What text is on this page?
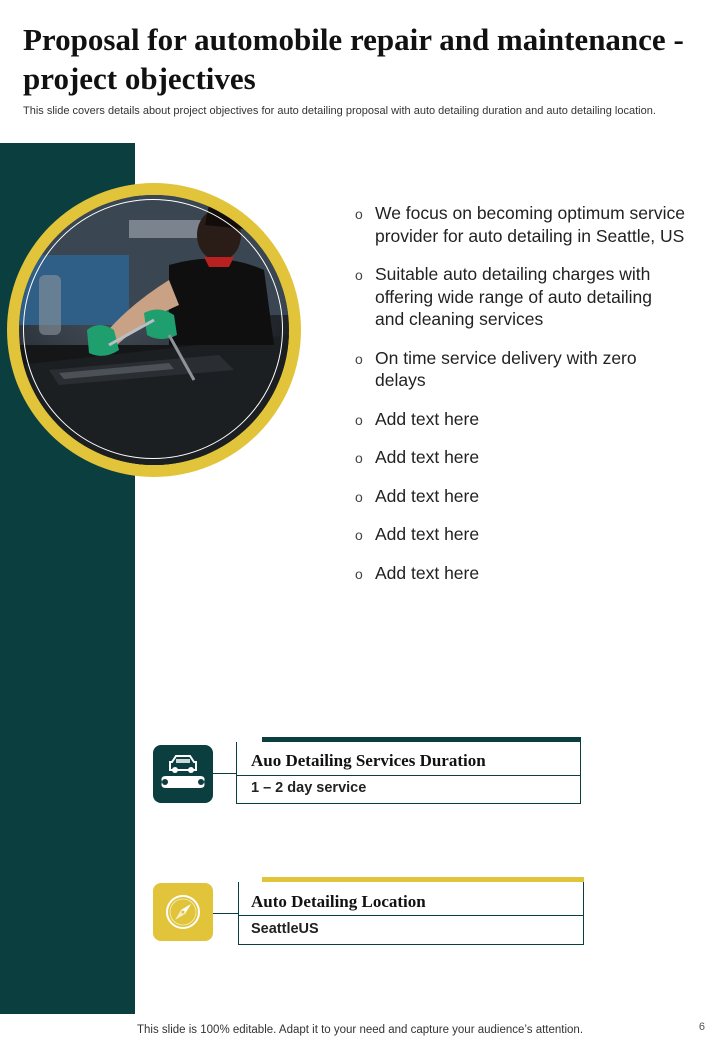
Proposal for automobile repair and maintenance - project objectives
This slide covers details about project objectives for auto detailing proposal with auto detailing duration and auto detailing location.
o We focus on becoming optimum service provider for auto detailing in Seattle, US
o Suitable auto detailing charges with offering wide range of auto detailing and cleaning services
o On time service delivery with zero delays
o Add text here
o Add text here
o Add text here
o Add text here
o Add text here
Auo Detailing Services Duration
1 – 2 day service
Auto Detailing Location
SeattleUS
This slide is 100% editable. Adapt it to your need and capture your audience’s attention.	6
